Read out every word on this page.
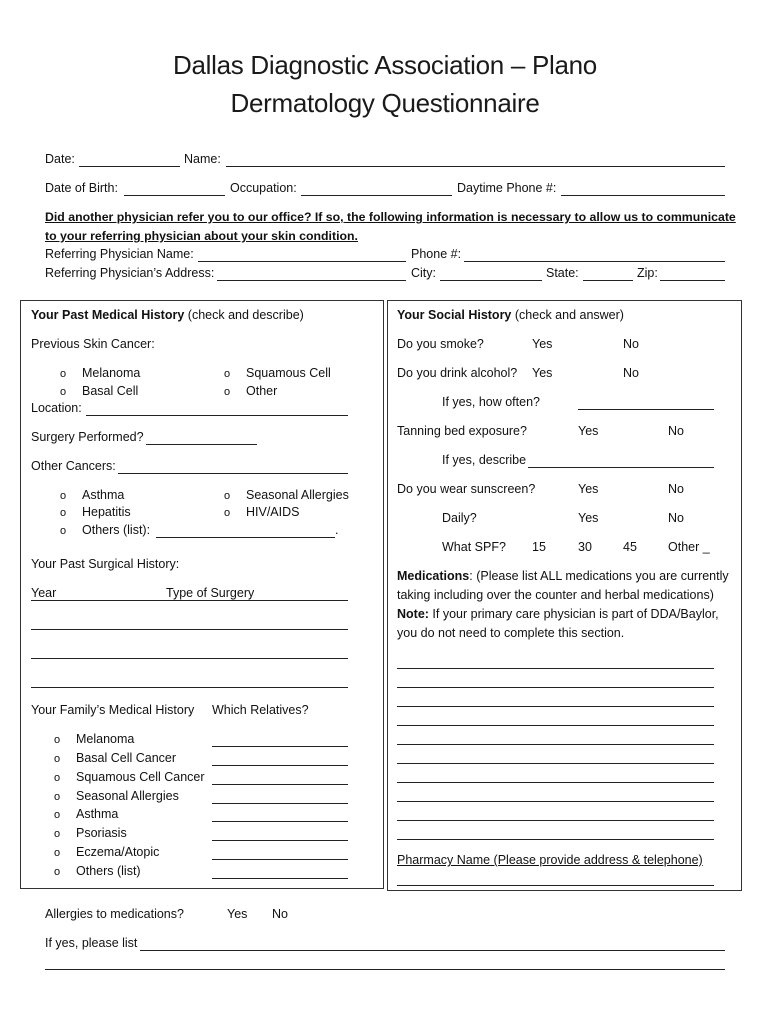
Dallas Diagnostic Association – Plano
Dermatology Questionnaire
Date:	Name:
Date of Birth:	Occupation:	Daytime Phone #:
Did another physician refer you to our office? If so, the following information is necessary to allow us to communicate
to your referring physician about your skin condition.
Referring Physician Name:	Phone #:
Referring Physician’s Address:	City:	State:	Zip:
Your Past Medical History (check and describe)
Previous Skin Cancer:
o Melanoma	o Squamous Cell
o Basal Cell	o Other
Location:
Surgery Performed?
Other Cancers:
o Asthma	o Seasonal Allergies
o Hepatitis	o HIV/AIDS
o Others (list):	.
Your Past Surgical History:
Year	Type of Surgery
Your Family’s Medical History Which Relatives?
o Melanoma
o Basal Cell Cancer
o Squamous Cell Cancer
o Seasonal Allergies
o Asthma
o Psoriasis
o Eczema/Atopic
o Others (list)
Your Social History (check and answer)
Do you smoke?	Yes	No
Do you drink alcohol? Yes	No
If yes, how often?
Tanning bed exposure?	Yes	No
If yes, describe
Do you wear sunscreen?	Yes	No
Daily?	Yes	No
What SPF? 15	30 45 Other _
Medications: (Please list ALL medications you are currently
taking including over the counter and herbal medications)
Note: If your primary care physician is part of DDA/Baylor,
you do not need to complete this section.
Pharmacy Name (Please provide address & telephone)
Allergies to medications?	Yes No
If yes, please list
